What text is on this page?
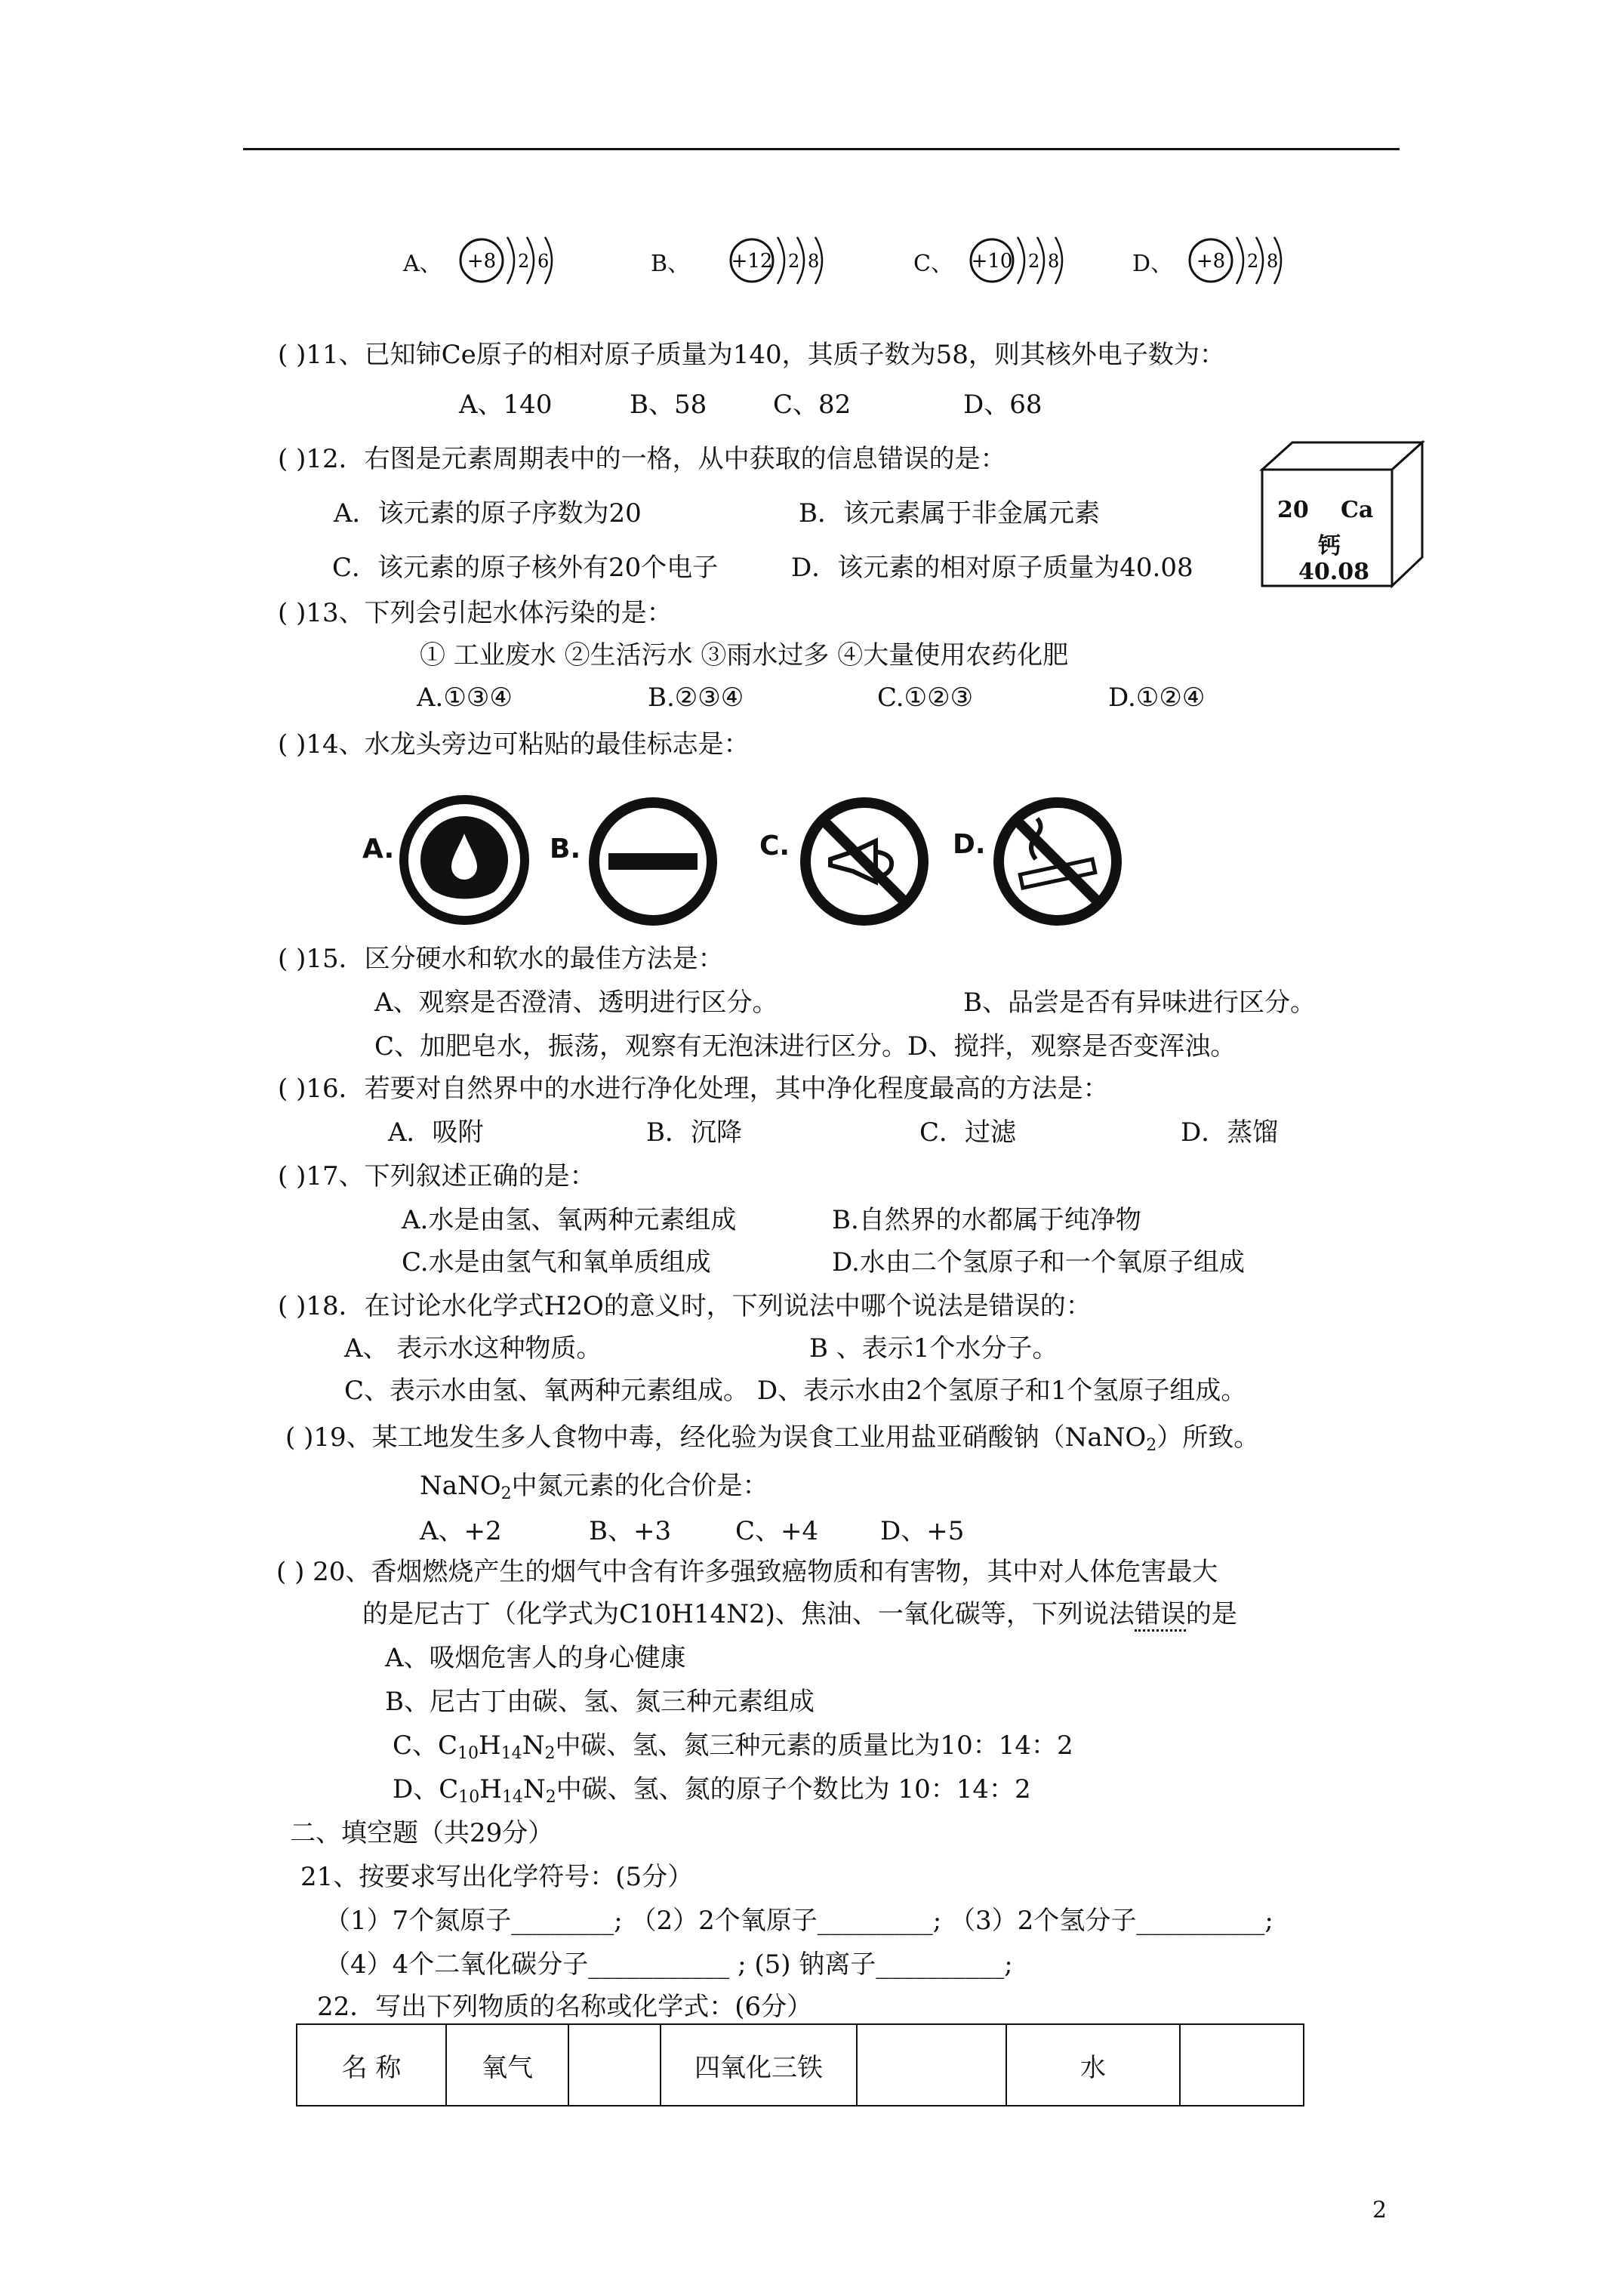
A、 +8 2 6	B、 +12 2 8	C、 +10 2 8	D、 +8 2 8
( )11、已知铈Ce原子的相对原子质量为140，其质子数为58，则其核外电子数为：
A、140	B、58	C、82	D、68
( )12．右图是元素周期表中的一格，从中获取的信息错误的是：
A．该元素的原子序数为20	B．该元素属于非金属元素
C．该元素的原子核外有20个电子	D．该元素的相对原子质量为40.08
20 Ca
钙
40.08
( )13、下列会引起水体污染的是：
① 工业废水 ②生活污水 ③雨水过多 ④大量使用农药化肥
A.①③④	B.②③④	C.①②③	D.①②④
( )14、水龙头旁边可粘贴的最佳标志是：
A.	B.	C.	D.
( )15．区分硬水和软水的最佳方法是：
A、观察是否澄清、透明进行区分。	B、品尝是否有异味进行区分。
C、加肥皂水，振荡，观察有无泡沫进行区分。D、搅拌，观察是否变浑浊。
( )16．若要对自然界中的水进行净化处理，其中净化程度最高的方法是：
A．吸附	B．沉降	C．过滤	D．蒸馏
( )17、下列叙述正确的是：
A.水是由氢、氧两种元素组成	B.自然界的水都属于纯净物
C.水是由氢气和氧单质组成	D.水由二个氢原子和一个氧原子组成
( )18．在讨论水化学式H2O的意义时，下列说法中哪个说法是错误的：
A、 表示水这种物质。	B 、表示1个水分子。
C、表示水由氢、氧两种元素组成。 D、表示水由2个氢原子和1个氢原子组成。
( )19、某工地发生多人食物中毒，经化验为误食工业用盐亚硝酸钠（NaNO$_2$）所致。
NaNO$_2$中氮元素的化合价是：
A、+2	B、+3 C、+4 D、+5
( ) 20、香烟燃烧产生的烟气中含有许多强致癌物质和有害物，其中对人体危害最大
的是尼古丁（化学式为C10H14N2)、焦油、一氧化碳等，下列说法错误的是
A、吸烟危害人的身心健康
B、尼古丁由碳、氢、氮三种元素组成
C、$C_{10}H_{14}N_2$中碳、氢、氮三种元素的质量比为10：14：2
D、$C_{10}H_{14}N_2$中碳、氢、氮的原子个数比为 10：14：2
二、填空题（共29分）
21、按要求写出化学符号：(5分）
（1）7个氮原子________; （2）2个氧原子_________; （3）2个氢分子__________;
（4）4个二氧化碳分子___________ ; (5) 钠离子__________;
22．写出下列物质的名称或化学式：(6分）
名 称	氧气		四氧化三铁		水	
2
